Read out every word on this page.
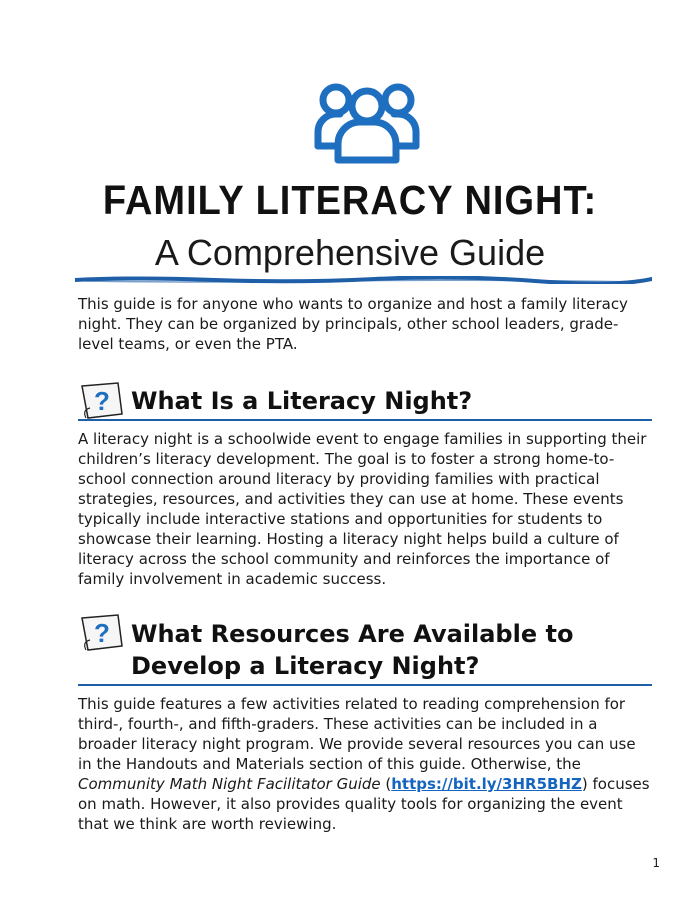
FAMILY LITERACY NIGHT:
A Comprehensive Guide

This guide is for anyone who wants to organize and host a family literacy night. They can be organized by principals, other school leaders, grade-level teams, or even the PTA.

? What Is a Literacy Night?

A literacy night is a schoolwide event to engage families in supporting their children’s literacy development. The goal is to foster a strong home-to-school connection around literacy by providing families with practical strategies, resources, and activities they can use at home. These events typically include interactive stations and opportunities for students to showcase their learning. Hosting a literacy night helps build a culture of literacy across the school community and reinforces the importance of family involvement in academic success.

? What Resources Are Available to Develop a Literacy Night?

This guide features a few activities related to reading comprehension for third-, fourth-, and fifth-graders. These activities can be included in a broader literacy night program. We provide several resources you can use in the Handouts and Materials section of this guide. Otherwise, the Community Math Night Facilitator Guide (https://bit.ly/3HR5BHZ) focuses on math. However, it also provides quality tools for organizing the event that we think are worth reviewing.

1
